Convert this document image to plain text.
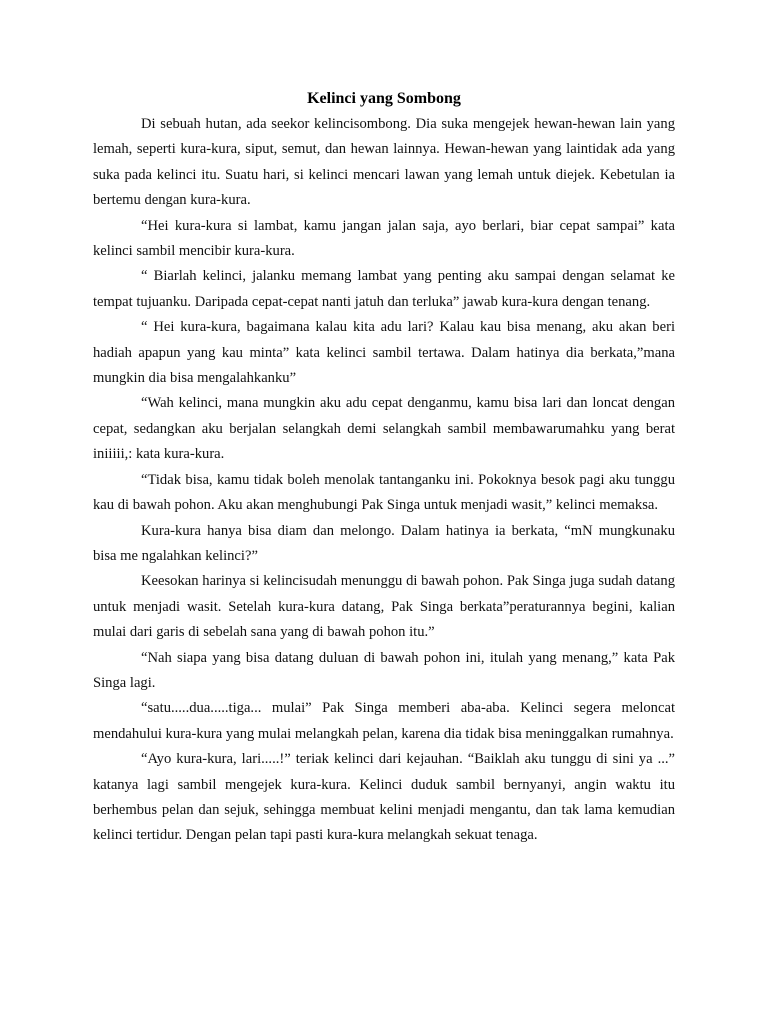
Kelinci yang Sombong

Di sebuah hutan, ada seekor kelincisombong. Dia suka mengejek hewan-hewan lain yang lemah, seperti kura-kura, siput, semut, dan hewan lainnya. Hewan-hewan yang laintidak ada yang suka pada kelinci itu. Suatu hari, si kelinci mencari lawan yang lemah untuk diejek. Kebetulan ia bertemu dengan kura-kura.

“Hei kura-kura si lambat, kamu jangan jalan saja, ayo berlari, biar cepat sampai” kata kelinci sambil mencibir kura-kura.

“ Biarlah kelinci, jalanku memang lambat yang penting aku sampai dengan selamat ke tempat tujuanku. Daripada cepat-cepat nanti jatuh dan terluka” jawab kura-kura dengan tenang.

“ Hei kura-kura, bagaimana kalau kita adu lari? Kalau kau bisa menang, aku akan beri hadiah apapun yang kau minta” kata kelinci sambil tertawa. Dalam hatinya dia berkata,”mana mungkin dia bisa mengalahkanku”

“Wah kelinci, mana mungkin aku adu cepat denganmu, kamu bisa lari dan loncat dengan cepat, sedangkan aku berjalan selangkah demi selangkah sambil membawarumahku yang berat iniiiii,: kata kura-kura.

“Tidak bisa, kamu tidak boleh menolak tantanganku ini. Pokoknya besok pagi aku tunggu kau di bawah pohon. Aku akan menghubungi Pak Singa untuk menjadi wasit,” kelinci memaksa.

Kura-kura hanya bisa diam dan melongo. Dalam hatinya ia berkata, “mN mungkunaku bisa me ngalahkan kelinci?”

Keesokan harinya si kelincisudah menunggu di bawah pohon. Pak Singa juga sudah datang untuk menjadi wasit. Setelah kura-kura datang, Pak Singa berkata”peraturannya begini, kalian mulai dari garis di sebelah sana yang di bawah pohon itu.”

“Nah siapa yang bisa datang duluan di bawah pohon ini, itulah yang menang,” kata Pak Singa lagi.

“satu.....dua.....tiga... mulai” Pak Singa memberi aba-aba. Kelinci segera meloncat mendahului kura-kura yang mulai melangkah pelan, karena dia tidak bisa meninggalkan rumahnya.

“Ayo kura-kura, lari.....!” teriak kelinci dari kejauhan. “Baiklah aku tunggu di sini ya ...” katanya lagi sambil mengejek kura-kura. Kelinci duduk sambil bernyanyi, angin waktu itu berhembus pelan dan sejuk, sehingga membuat kelini menjadi mengantu, dan tak lama kemudian kelinci tertidur. Dengan pelan tapi pasti kura-kura melangkah sekuat tenaga.
